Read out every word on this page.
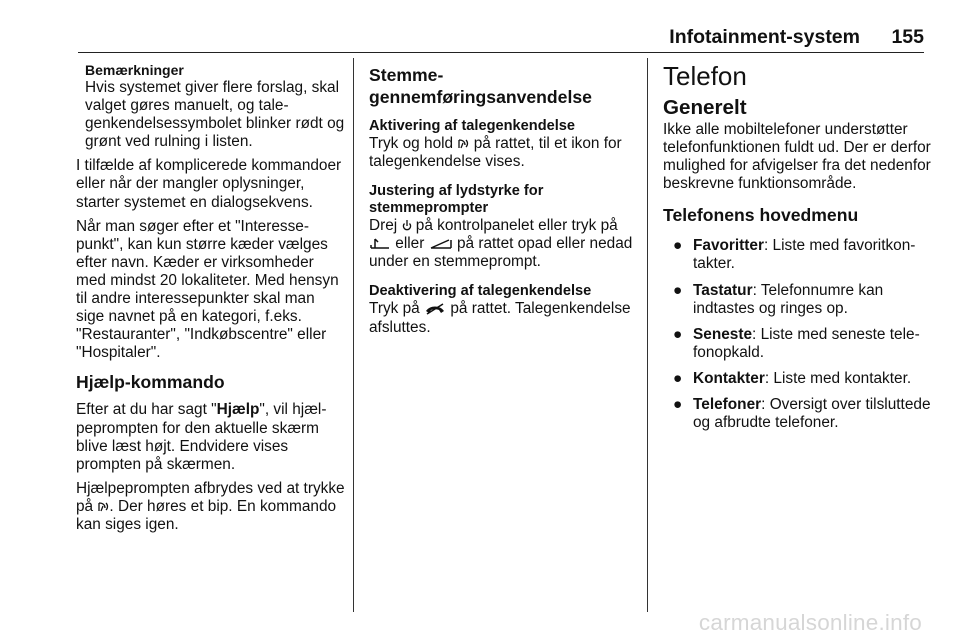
Infotainment-system 155
Bemærkninger
Hvis systemet giver flere forslag, skal valget gøres manuelt, og talegenkendelsessymbolet blinker rødt og grønt ved rulning i listen.

I tilfælde af komplicerede kommandoer eller når der mangler oplysninger, starter systemet en dialogsekvens.

Når man søger efter et "Interessepunkt", kan kun større kæder vælges efter navn. Kæder er virksomheder med mindst 20 lokaliteter. Med hensyn til andre interessepunkter skal man sige navnet på en kategori, f.eks. "Restauranter", "Indkøbscentre" eller "Hospitaler".

Hjælp-kommando

Efter at du har sagt "Hjælp", vil hjælpeprompten for den aktuelle skærm blive læst højt. Endvidere vises prompten på skærmen.

Hjælpeprompten afbrydes ved at trykke på . Der høres et bip. En kommando kan siges igen.

Stemmegennemføringsanvendelse
Aktivering af talegenkendelse

Tryk og hold på rattet, til et ikon for talegenkendelse vises.

Justering af lydstyrke for stemmeprompter

Drej på kontrolpanelet eller tryk på
eller på rattet opad eller nedad under en stemmeprompt.

Deaktivering af talegenkendelse

Tryk på på rattet. Talegenkendelse afsluttes.

Telefon
Generelt

Ikke alle mobiltelefoner understøtter telefonfunktionen fuldt ud. Der er derfor mulighed for afvigelser fra det nedenfor beskrevne funktionsområde.

Telefonens hovedmenu
● Favoritter: Liste med favoritkontakter.
● Tastatur: Telefonnumre kan indtastes og ringes op.
● Seneste: Liste med seneste telefonopkald.
● Kontakter: Liste med kontakter.
● Telefoner: Oversigt over tilsluttede og afbrudte telefoner.
carmanualsonline.info
